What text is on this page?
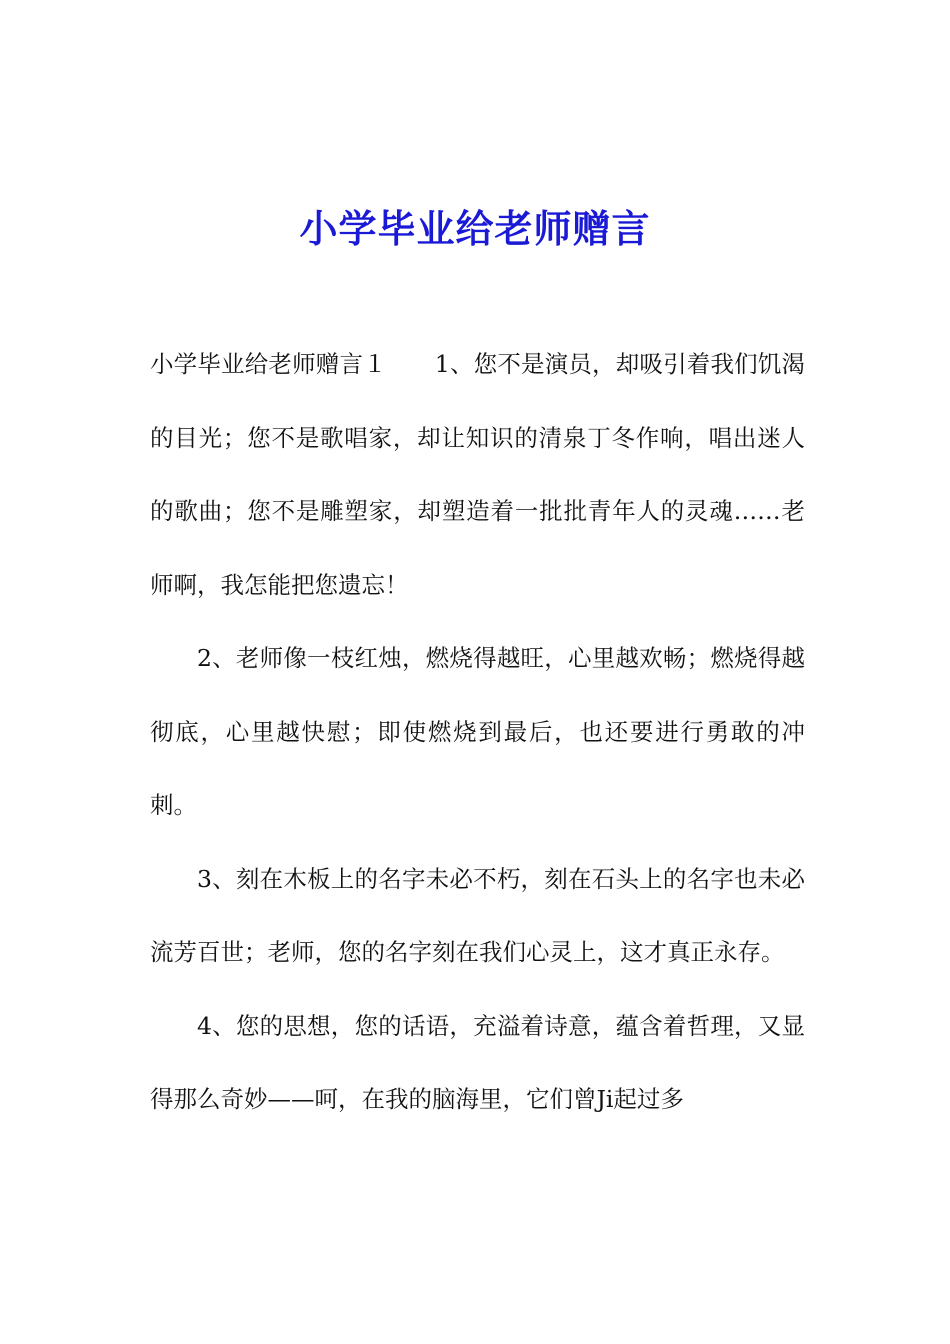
小学毕业给老师赠言

小学毕业给老师赠言１ 1、您不是演员，却吸引着我们饥渴的目光；您不是歌唱家，却让知识的清泉丁冬作响，唱出迷人的歌曲；您不是雕塑家，却塑造着一批批青年人的灵魂……老师啊，我怎能把您遗忘！

2、老师像一枝红烛，燃烧得越旺，心里越欢畅；燃烧得越彻底，心里越快慰；即使燃烧到最后，也还要进行勇敢的冲刺。

3、刻在木板上的名字未必不朽，刻在石头上的名字也未必流芳百世；老师，您的名字刻在我们心灵上，这才真正永存。

4、您的思想，您的话语，充溢着诗意，蕴含着哲理，又显得那么奇妙——呵，在我的脑海里，它们曾Ji起过多
